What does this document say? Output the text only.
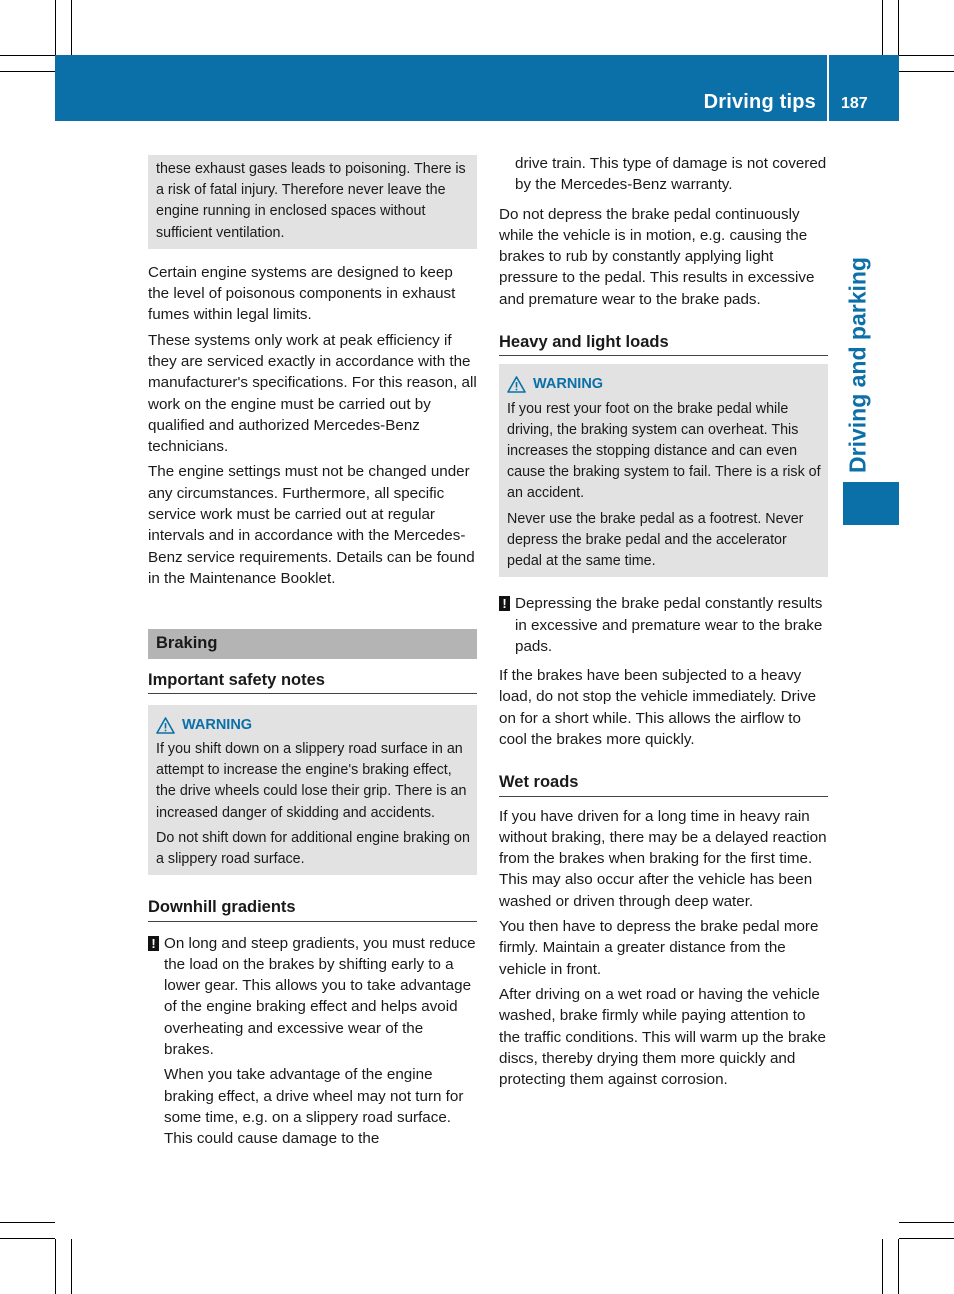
Driving tips 187
Driving and parking

these exhaust gases leads to poisoning. There is a risk of fatal injury. Therefore never leave the engine running in enclosed spaces without sufficient ventilation.

Certain engine systems are designed to keep the level of poisonous components in exhaust fumes within legal limits.

These systems only work at peak efficiency if they are serviced exactly in accordance with the manufacturer's specifications. For this reason, all work on the engine must be carried out by qualified and authorized Mercedes-Benz technicians.

The engine settings must not be changed under any circumstances. Furthermore, all specific service work must be carried out at regular intervals and in accordance with the Mercedes-Benz service requirements. Details can be found in the Maintenance Booklet.

Braking
Important safety notes
WARNING

If you shift down on a slippery road surface in an attempt to increase the engine's braking effect, the drive wheels could lose their grip. There is an increased danger of skidding and accidents.

Do not shift down for additional engine braking on a slippery road surface.

Downhill gradients
! On long and steep gradients, you must reduce the load on the brakes by shifting early to a lower gear. This allows you to take advantage of the engine braking effect and helps avoid overheating and excessive wear of the brakes.

When you take advantage of the engine braking effect, a drive wheel may not turn for some time, e.g. on a slippery road surface. This could cause damage to the

drive train. This type of damage is not covered by the Mercedes-Benz warranty.

Do not depress the brake pedal continuously while the vehicle is in motion, e.g. causing the brakes to rub by constantly applying light pressure to the pedal. This results in excessive and premature wear to the brake pads.

Heavy and light loads
WARNING

If you rest your foot on the brake pedal while driving, the braking system can overheat. This increases the stopping distance and can even cause the braking system to fail. There is a risk of an accident.

Never use the brake pedal as a footrest. Never depress the brake pedal and the accelerator pedal at the same time.

! Depressing the brake pedal constantly results in excessive and premature wear to the brake pads.

If the brakes have been subjected to a heavy load, do not stop the vehicle immediately. Drive on for a short while. This allows the airflow to cool the brakes more quickly.

Wet roads

If you have driven for a long time in heavy rain without braking, there may be a delayed reaction from the brakes when braking for the first time. This may also occur after the vehicle has been washed or driven through deep water.

You then have to depress the brake pedal more firmly. Maintain a greater distance from the vehicle in front.

After driving on a wet road or having the vehicle washed, brake firmly while paying attention to the traffic conditions. This will warm up the brake discs, thereby drying them more quickly and protecting them against corrosion.
